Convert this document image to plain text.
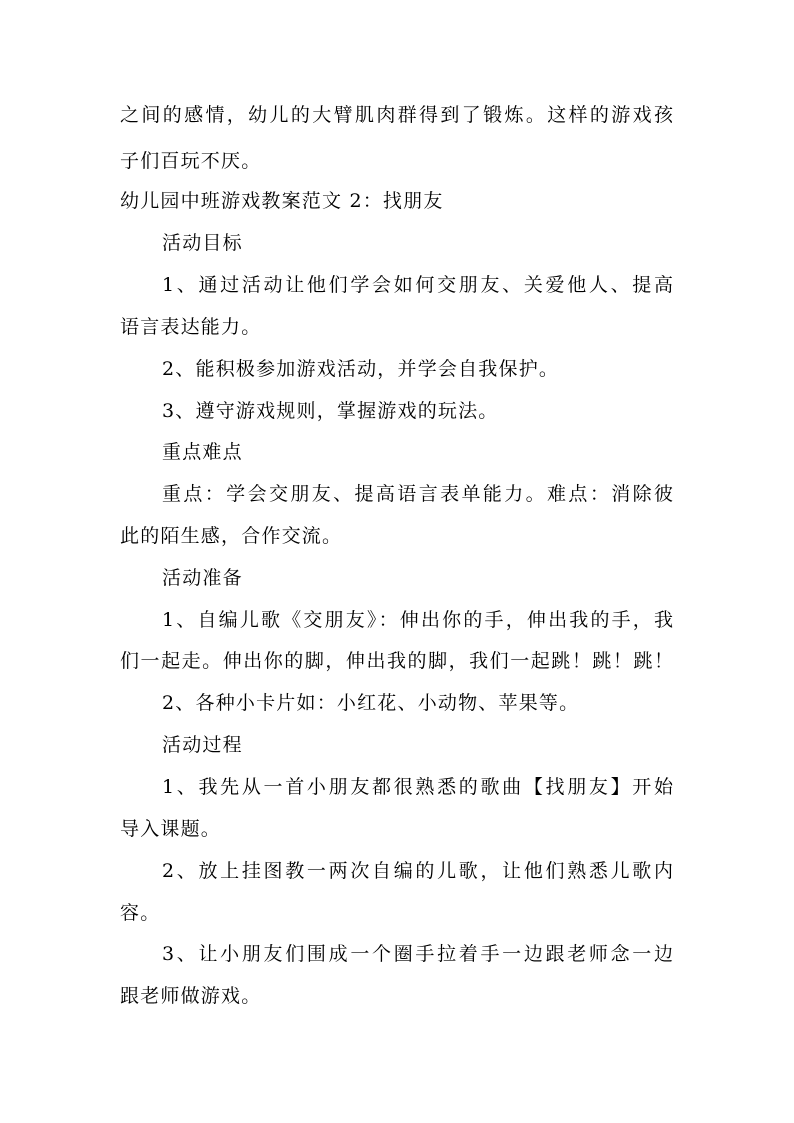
之间的感情，幼儿的大臂肌肉群得到了锻炼。这样的游戏孩
子们百玩不厌。
幼儿园中班游戏教案范文 2：找朋友
活动目标
1、通过活动让他们学会如何交朋友、关爱他人、提高
语言表达能力。
2、能积极参加游戏活动，并学会自我保护。
3、遵守游戏规则，掌握游戏的玩法。
重点难点
重点：学会交朋友、提高语言表单能力。难点：消除彼
此的陌生感，合作交流。
活动准备
1、自编儿歌《交朋友》：伸出你的手，伸出我的手，我
们一起走。伸出你的脚，伸出我的脚，我们一起跳！跳！跳！
2、各种小卡片如：小红花、小动物、苹果等。
活动过程
1、我先从一首小朋友都很熟悉的歌曲【找朋友】开始
导入课题。
2、放上挂图教一两次自编的儿歌，让他们熟悉儿歌内
容。
3、让小朋友们围成一个圈手拉着手一边跟老师念一边
跟老师做游戏。
